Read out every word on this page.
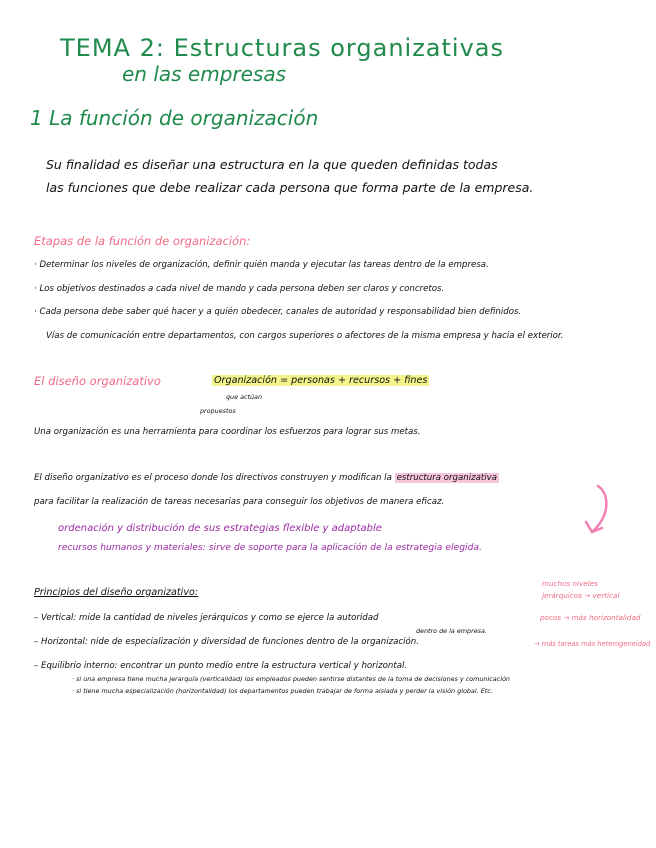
TEMA 2: Estructuras organizativas
en las empresas
1 La función de organización
Su finalidad es diseñar una estructura en la que queden definidas todas
las funciones que debe realizar cada persona que forma parte de la empresa.
Etapas de la función de organización:
· Determinar los niveles de organización, definir quién manda y ejecutar las tareas dentro de la empresa.
· Los objetivos destinados a cada nivel de mando y cada persona deben ser claros y concretos.
· Cada persona debe saber qué hacer y a quién obedecer, canales de autoridad y responsabilidad bien definidos.
Vías de comunicación entre departamentos, con cargos superiores o afectores de la misma empresa y hacia el exterior.
El diseño organizativo	Organización = personas + recursos + fines
que actúan
propuestos
Una organización es una herramienta para coordinar los esfuerzos para lograr sus metas.
El diseño organizativo es el proceso donde los directivos construyen y modifican la estructura organizativa
para facilitar la realización de tareas necesarias para conseguir los objetivos de manera eficaz.
ordenación y distribución de sus estrategias flexible y adaptable
recursos humanos y materiales: sirve de soporte para la aplicación de la estrategia elegida.
Principios del diseño organizativo:
muchos niveles
jerárquicos → vertical
pocos → más horizontalidad
→ más tareas más heterogeneidad
– Vertical: mide la cantidad de niveles jerárquicos y como se ejerce la autoridad
dentro de la empresa.
– Horizontal: nide de especialización y diversidad de funciones dentro de la organización.
– Equilibrio interno: encontrar un punto medio entre la estructura vertical y horizontal.
· si una empresa tiene mucha jerarquía (verticalidad) los empleados pueden sentirse distantes de la toma de decisiones y comunicación
· si tiene mucha especialización (horizontalidad) los departamentos pueden trabajar de forma aislada y perder la visión global. Etc.
